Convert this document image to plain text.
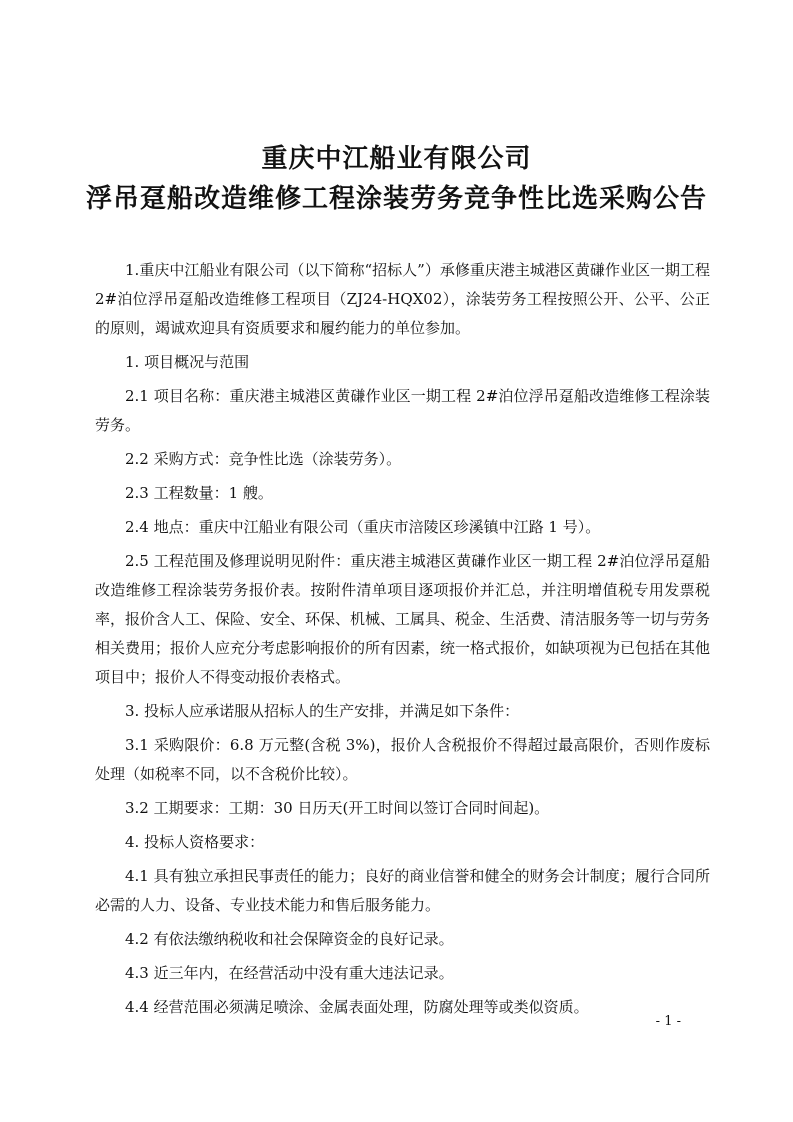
重庆中江船业有限公司
浮吊趸船改造维修工程涂装劳务竞争性比选采购公告

1.重庆中江船业有限公司（以下简称“招标人”）承修重庆港主城港区黄磏作业区一期工程 2#泊位浮吊趸船改造维修工程项目（ZJ24-HQX02），涂装劳务工程按照公开、公平、公正的原则，竭诚欢迎具有资质要求和履约能力的单位参加。

1. 项目概况与范围

2.1 项目名称：重庆港主城港区黄磏作业区一期工程 2#泊位浮吊趸船改造维修工程涂装劳务。

2.2 采购方式：竞争性比选（涂装劳务）。

2.3 工程数量：1 艘。

2.4 地点：重庆中江船业有限公司（重庆市涪陵区珍溪镇中江路 1 号）。

2.5 工程范围及修理说明见附件：重庆港主城港区黄磏作业区一期工程 2#泊位浮吊趸船改造维修工程涂装劳务报价表。按附件清单项目逐项报价并汇总，并注明增值税专用发票税率，报价含人工、保险、安全、环保、机械、工属具、税金、生活费、清洁服务等一切与劳务相关费用；报价人应充分考虑影响报价的所有因素，统一格式报价，如缺项视为已包括在其他项目中；报价人不得变动报价表格式。

3. 投标人应承诺服从招标人的生产安排，并满足如下条件：

3.1 采购限价：6.8 万元整(含税 3%)，报价人含税报价不得超过最高限价，否则作废标处理（如税率不同，以不含税价比较）。

3.2 工期要求：工期：30 日历天(开工时间以签订合同时间起)。

4. 投标人资格要求：

4.1 具有独立承担民事责任的能力；良好的商业信誉和健全的财务会计制度；履行合同所必需的人力、设备、专业技术能力和售后服务能力。

4.2 有依法缴纳税收和社会保障资金的良好记录。

4.3 近三年内，在经营活动中没有重大违法记录。

4.4 经营范围必须满足喷涂、金属表面处理，防腐处理等或类似资质。

- 1 -
